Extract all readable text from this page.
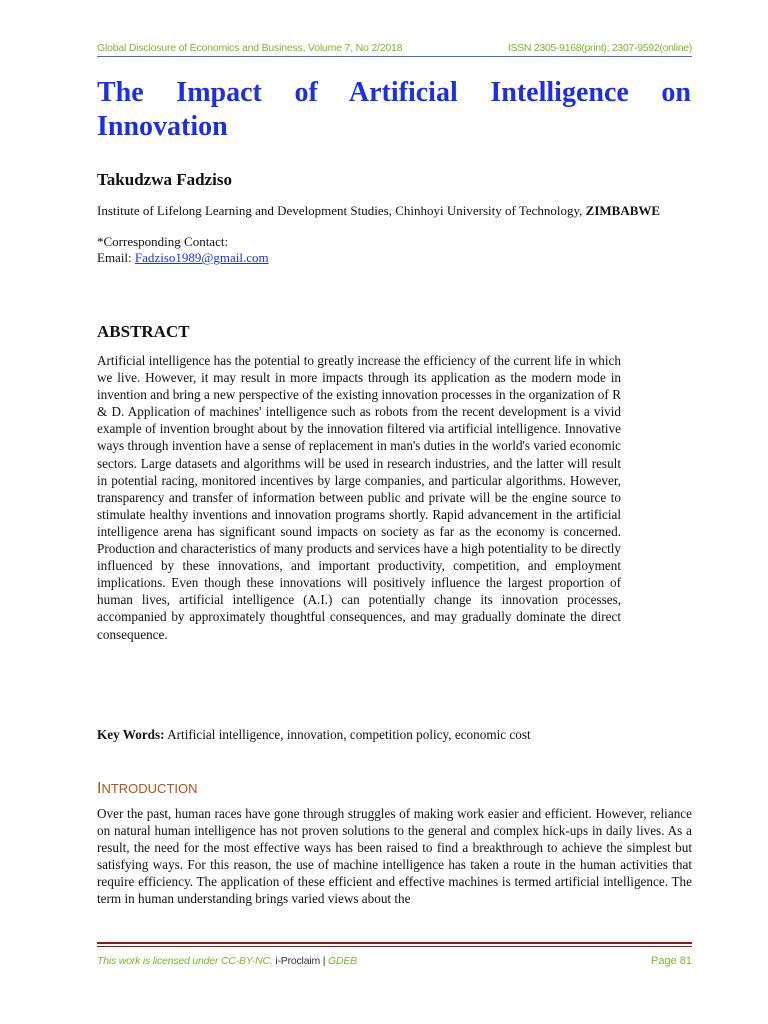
Global Disclosure of Economics and Business, Volume 7, No 2/2018	ISSN 2305-9168(print); 2307-9592(online)
The Impact of Artificial Intelligence on Innovation
Takudzwa Fadziso
Institute of Lifelong Learning and Development Studies, Chinhoyi University of Technology, ZIMBABWE
*Corresponding Contact:
Email: Fadziso1989@gmail.com
ABSTRACT
Artificial intelligence has the potential to greatly increase the efficiency of the current life in which we live. However, it may result in more impacts through its application as the modern mode in invention and bring a new perspective of the existing innovation processes in the organization of R & D. Application of machines' intelligence such as robots from the recent development is a vivid example of invention brought about by the innovation filtered via artificial intelligence. Innovative ways through invention have a sense of replacement in man's duties in the world's varied economic sectors. Large datasets and algorithms will be used in research industries, and the latter will result in potential racing, monitored incentives by large companies, and particular algorithms. However, transparency and transfer of information between public and private will be the engine source to stimulate healthy inventions and innovation programs shortly. Rapid advancement in the artificial intelligence arena has significant sound impacts on society as far as the economy is concerned. Production and characteristics of many products and services have a high potentiality to be directly influenced by these innovations, and important productivity, competition, and employment implications. Even though these innovations will positively influence the largest proportion of human lives, artificial intelligence (A.I.) can potentially change its innovation processes, accompanied by approximately thoughtful consequences, and may gradually dominate the direct consequence.
Key Words: Artificial intelligence, innovation, competition policy, economic cost
INTRODUCTION
Over the past, human races have gone through struggles of making work easier and efficient. However, reliance on natural human intelligence has not proven solutions to the general and complex hick-ups in daily lives. As a result, the need for the most effective ways has been raised to find a breakthrough to achieve the simplest but satisfying ways. For this reason, the use of machine intelligence has taken a route in the human activities that require efficiency. The application of these efficient and effective machines is termed artificial intelligence. The term in human understanding brings varied views about the
This work is licensed under CC-BY-NC, i-Proclaim | GDEB	Page 81
